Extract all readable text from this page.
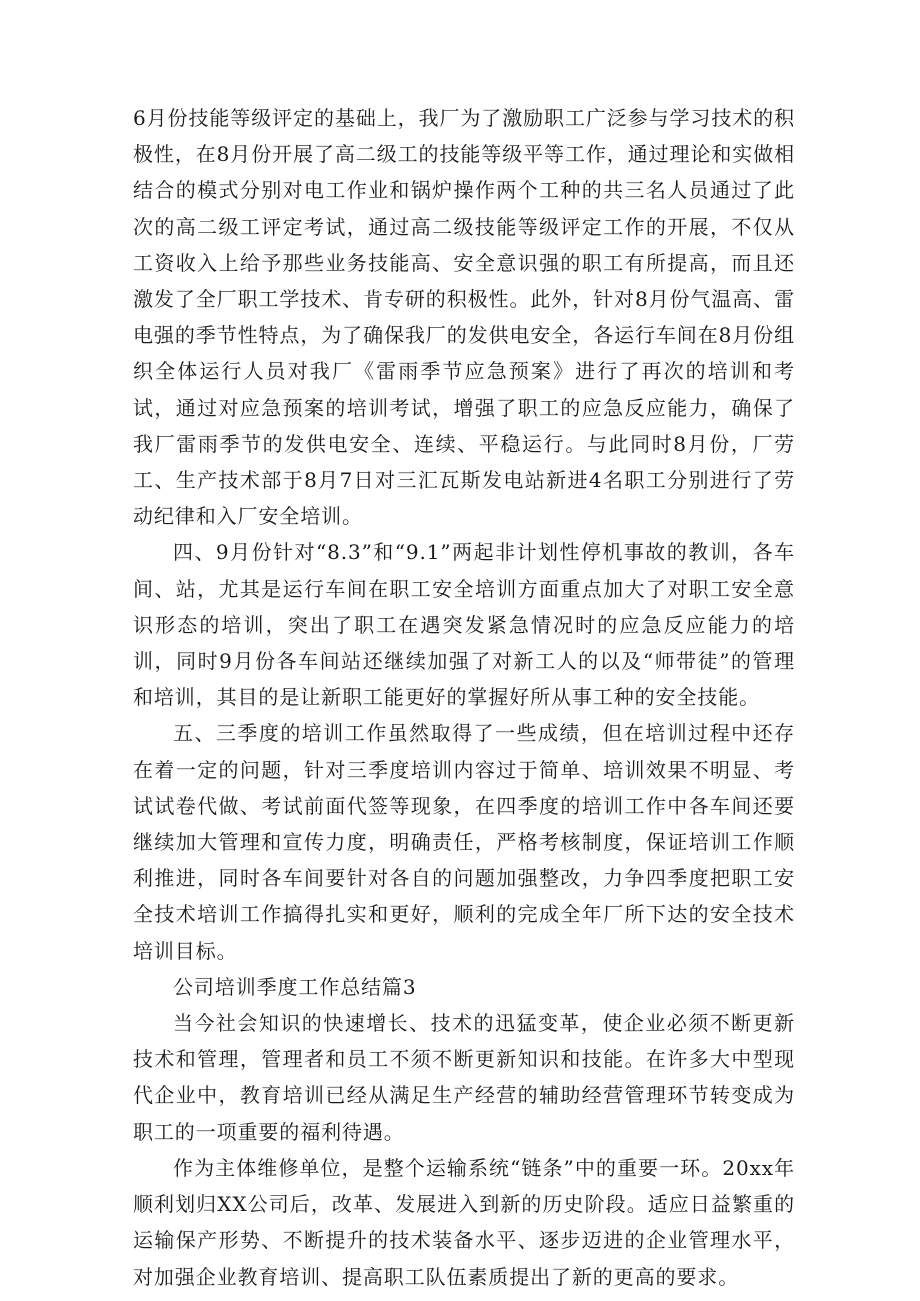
6月份技能等级评定的基础上，我厂为了激励职工广泛参与学习技术的积极性，在8月份开展了高二级工的技能等级平等工作，通过理论和实做相结合的模式分别对电工作业和锅炉操作两个工种的共三名人员通过了此次的高二级工评定考试，通过高二级技能等级评定工作的开展，不仅从工资收入上给予那些业务技能高、安全意识强的职工有所提高，而且还激发了全厂职工学技术、肯专研的积极性。此外，针对8月份气温高、雷电强的季节性特点，为了确保我厂的发供电安全，各运行车间在8月份组织全体运行人员对我厂《雷雨季节应急预案》进行了再次的培训和考试，通过对应急预案的培训考试，增强了职工的应急反应能力，确保了我厂雷雨季节的发供电安全、连续、平稳运行。与此同时8月份，厂劳工、生产技术部于8月7日对三汇瓦斯发电站新进4名职工分别进行了劳动纪律和入厂安全培训。

四、9月份针对“8.3”和“9.1”两起非计划性停机事故的教训，各车间、站，尤其是运行车间在职工安全培训方面重点加大了对职工安全意识形态的培训，突出了职工在遇突发紧急情况时的应急反应能力的培训，同时9月份各车间站还继续加强了对新工人的以及“师带徒”的管理和培训，其目的是让新职工能更好的掌握好所从事工种的安全技能。

五、三季度的培训工作虽然取得了一些成绩，但在培训过程中还存在着一定的问题，针对三季度培训内容过于简单、培训效果不明显、考试试卷代做、考试前面代签等现象，在四季度的培训工作中各车间还要继续加大管理和宣传力度，明确责任，严格考核制度，保证培训工作顺利推进，同时各车间要针对各自的问题加强整改，力争四季度把职工安全技术培训工作搞得扎实和更好，顺利的完成全年厂所下达的安全技术培训目标。

公司培训季度工作总结篇3

当今社会知识的快速增长、技术的迅猛变革，使企业必须不断更新技术和管理，管理者和员工不须不断更新知识和技能。在许多大中型现代企业中，教育培训已经从满足生产经营的辅助经营管理环节转变成为职工的一项重要的福利待遇。

作为主体维修单位，是整个运输系统“链条”中的重要一环。20xx年顺利划归XX公司后，改革、发展进入到新的历史阶段。适应日益繁重的运输保产形势、不断提升的技术装备水平、逐步迈进的企业管理水平，对加强企业教育培训、提高职工队伍素质提出了新的更高的要求。
